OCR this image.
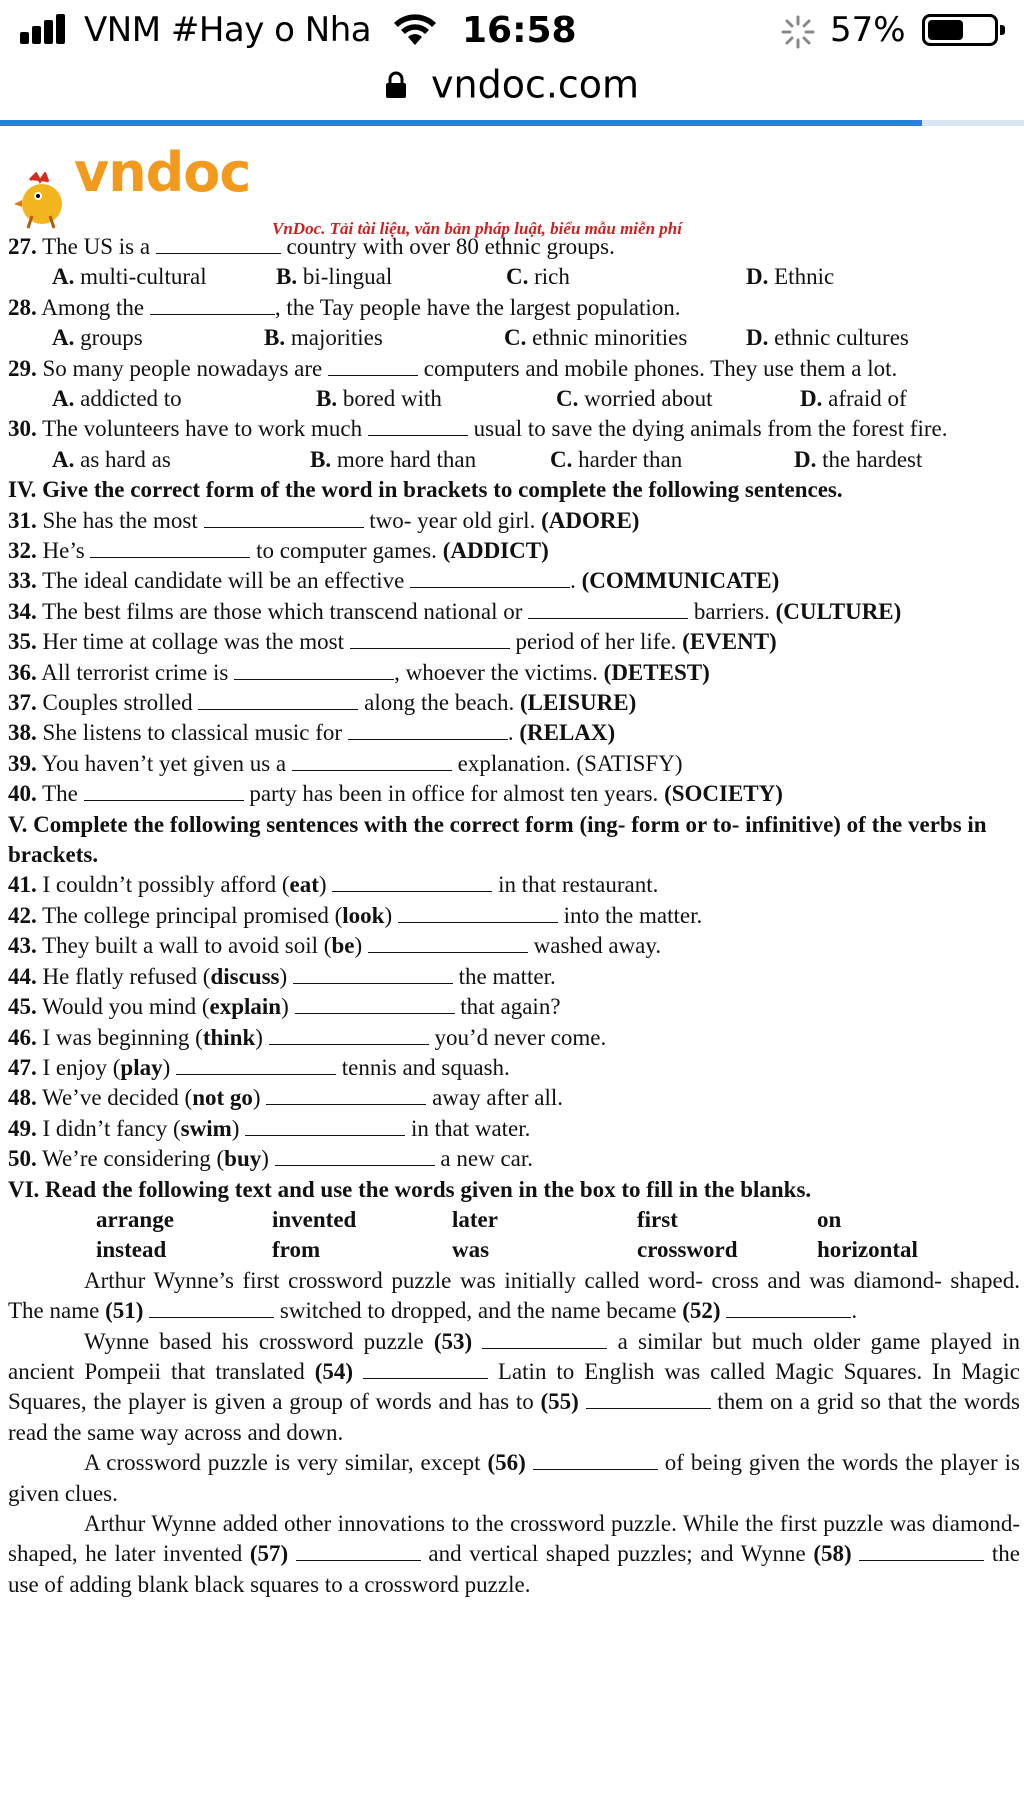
VNM #Hay o Nha	16:58	57%
vndoc.com
vndoc
VnDoc. Tải tài liệu, văn bản pháp luật, biểu mẫu miễn phí
27. The US is a	country with over 80 ethnic groups.
A. multi-cultural	B. bi-lingual	C. rich	D. Ethnic
28. Among the	, the Tay people have the largest population.
A. groups	B. majorities	C. ethnic minorities	D. ethnic cultures
29. So many people nowadays are	computers and mobile phones. They use them a lot.
A. addicted to	B. bored with	C. worried about	D. afraid of
30. The volunteers have to work much	usual to save the dying animals from the forest fire.
A. as hard as	B. more hard than	C. harder than	D. the hardest
IV. Give the correct form of the word in brackets to complete the following sentences.
31. She has the most	two- year old girl. (ADORE)
32. He’s	to computer games. (ADDICT)
33. The ideal candidate will be an effective	. (COMMUNICATE)
34. The best films are those which transcend national or	barriers. (CULTURE)
35. Her time at collage was the most	period of her life. (EVENT)
36. All terrorist crime is	, whoever the victims. (DETEST)
37. Couples strolled	along the beach. (LEISURE)
38. She listens to classical music for	. (RELAX)
39. You haven’t yet given us a	explanation. (SATISFY)
40. The	party has been in office for almost ten years. (SOCIETY)
V. Complete the following sentences with the correct form (ing- form or to- infinitive) of the verbs in brackets.
41. I couldn’t possibly afford (eat)	in that restaurant.
42. The college principal promised (look)	into the matter.
43. They built a wall to avoid soil (be)	washed away.
44. He flatly refused (discuss)	the matter.
45. Would you mind (explain)	that again?
46. I was beginning (think)	you’d never come.
47. I enjoy (play)	tennis and squash.
48. We’ve decided (not go)	away after all.
49. I didn’t fancy (swim)	in that water.
50. We’re considering (buy)	a new car.
VI. Read the following text and use the words given in the box to fill in the blanks.
arrange	invented	later	first	on
instead	from	was	crossword	horizontal
Arthur Wynne’s first crossword puzzle was initially called word- cross and was diamond- shaped. The name (51)	switched to dropped, and the name became (52)	.
Wynne based his crossword puzzle (53)	a similar but much older game played in ancient Pompeii that translated (54)	Latin to English was called Magic Squares. In Magic Squares, the player is given a group of words and has to (55)	them on a grid so that the words read the same way across and down.
A crossword puzzle is very similar, except (56)	of being given the words the player is given clues.
Arthur Wynne added other innovations to the crossword puzzle. While the first puzzle was diamond- shaped, he later invented (57)	and vertical shaped puzzles; and Wynne (58)	the use of adding blank black squares to a crossword puzzle.
